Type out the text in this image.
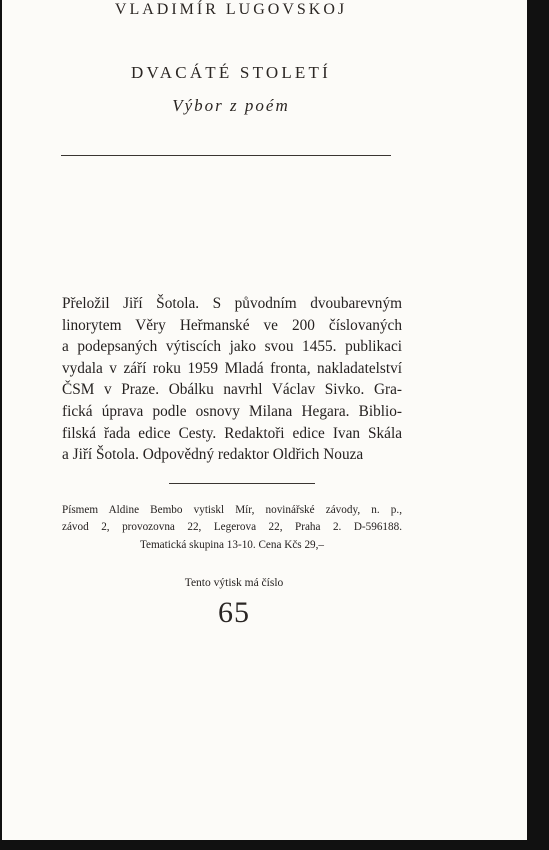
VLADIMÍR LUGOVSKOJ
DVACÁTÉ STOLETÍ
Výbor z poém
Přeložil Jiří Šotola. S původním dvoubarevným
linorytem Věry Heřmanské ve 200 číslovaných
a podepsaných výtiscích jako svou 1455. publikaci
vydala v září roku 1959 Mladá fronta, nakladatelství
ČSM v Praze. Obálku navrhl Václav Sivko. Gra-
fická úprava podle osnovy Milana Hegara. Biblio-
filská řada edice Cesty. Redaktoři edice Ivan Skála
a Jiří Šotola. Odpovědný redaktor Oldřich Nouza
Písmem Aldine Bembo vytiskl Mír, novinářské závody, n. p.,
závod 2, provozovna 22, Legerova 22, Praha 2. D-596188.
Tematická skupina 13-10. Cena Kčs 29,–
Tento výtisk má číslo
65
